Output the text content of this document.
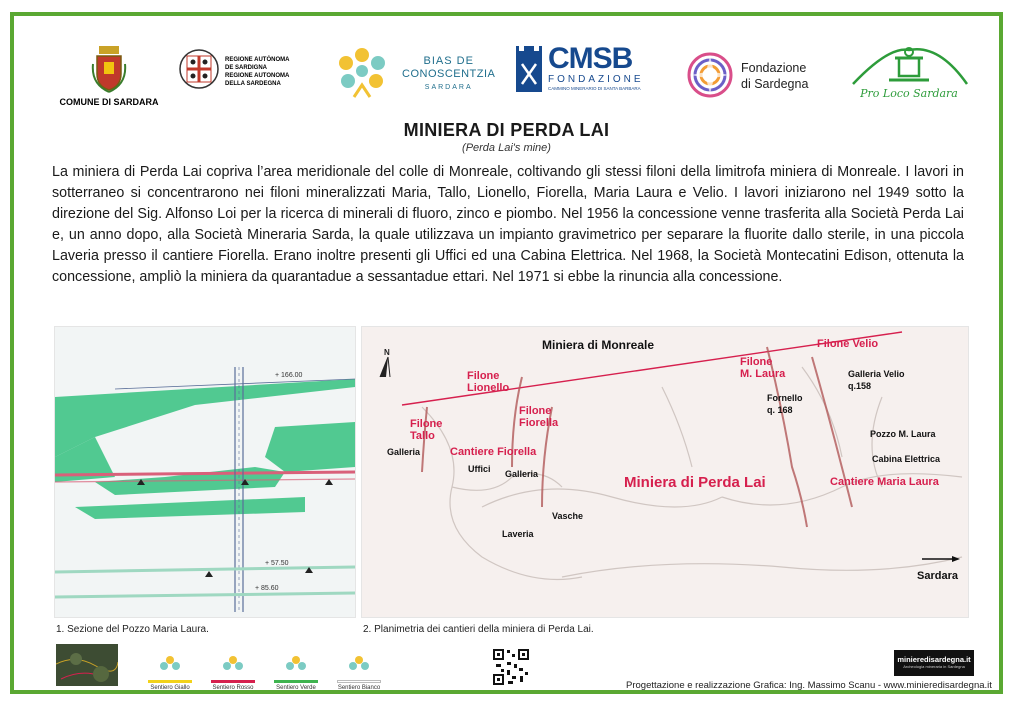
COMUNE DI SARDARA
REGIONE AUTÒNOMA
DE SARDIGNA
REGIONE AUTONOMA
DELLA SARDEGNA
BIAS DE
CONOSCENTZIA
SARDARA
CMSB
FONDAZIONE
CAMMINO MINERARIO DI SANTA BARBARA
Fondazione
di Sardegna
Pro Loco Sardara
MINIERA DI PERDA LAI
(Perda Lai's mine)
La miniera di Perda Lai copriva l’area meridionale del colle di Monreale, coltivando gli stessi filoni della limitrofa miniera di Monreale. I lavori in sotterraneo si concentrarono nei filoni mineralizzati Maria, Tallo, Lionello, Fiorella, Maria Laura e Velio. I lavori iniziarono nel 1949 sotto la direzione del Sig. Alfonso Loi per la ricerca di minerali di fluoro, zinco e piombo. Nel 1956 la concessione venne trasferita alla Società Perda Lai e, un anno dopo, alla Società Mineraria Sarda, la quale utilizzava un impianto gravimetrico per separare la fluorite dallo sterile, in una piccola Laveria presso il cantiere Fiorella. Erano inoltre presenti gli Uffici ed una Cabina Elettrica. Nel 1968, la Società Montecatini Edison, ottenuta la concessione, ampliò la miniera da quarantadue a sessantadue ettari. Nel 1971 si ebbe la rinuncia alla concessione.
+ 166.00
+ 57.50
+ 85.60
N
Miniera di Monreale
Filone
Lionello
Filone
Tallo
Filone
Fiorella
Filone
M. Laura
Filone Velio
Galleria	Cantiere Fiorella
Uffici Galleria
Vasche
Laveria
Miniera di Perda Lai
Fornello
q. 168
Galleria Velio
q.158
Pozzo M. Laura
Cabina Elettrica
Cantiere Maria Laura
Sardara
1. Sezione del Pozzo Maria Laura.	2. Planimetria dei cantieri della miniera di Perda Lai.
Sentiero Giallo	Sentiero Rosso	Sentiero Verde	Sentiero Bianco
minieredisardegna.it
Archeologia mineraria in Sardegna
Progettazione e realizzazione Grafica: Ing. Massimo Scanu - www.minieredisardegna.it
